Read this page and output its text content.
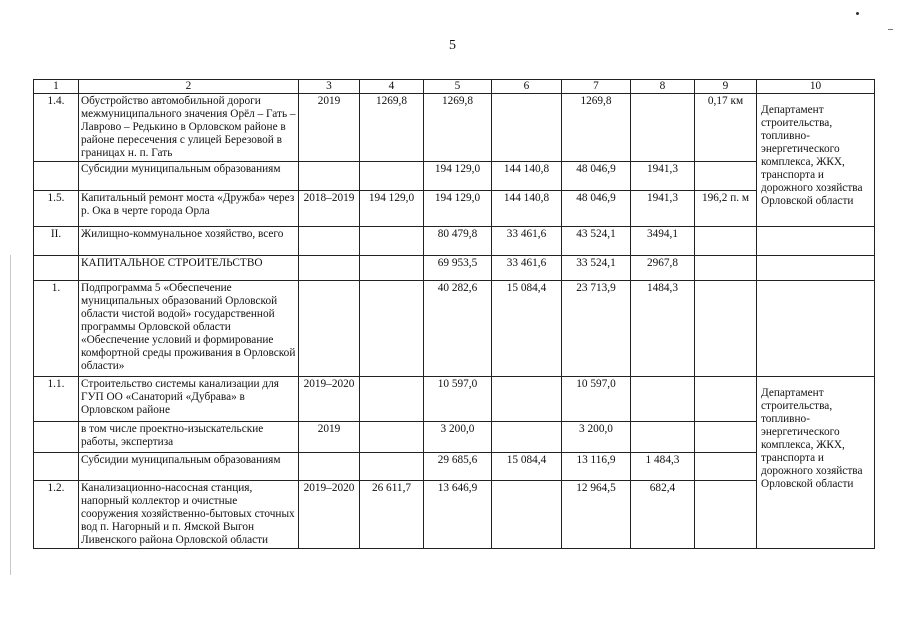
5
1	2	3	4	5	6	7	8	9	10
1.4.	Обустройство автомобильной дороги межмуниципального значения Орёл – Гать – Лаврово – Редькино в Орловском районе в районе пересечения с улицей Березовой в границах н. п. Гать	2019	1269,8	1269,8		1269,8		0,17 км	Департамент строительства, топливно-энергетического комплекса, ЖКХ, транспорта и дорожного хозяйства Орловской области
	Субсидии муниципальным образованиям			194 129,0	144 140,8	48 046,9	1941,3		
1.5.	Капитальный ремонт моста «Дружба» через р. Ока в черте города Орла	2018–2019	194 129,0	194 129,0	144 140,8	48 046,9	1941,3	196,2 п. м	
II.	Жилищно-коммунальное хозяйство, всего			80 479,8	33 461,6	43 524,1	3494,1		
	КАПИТАЛЬНОЕ СТРОИТЕЛЬСТВО			69 953,5	33 461,6	33 524,1	2967,8		
1.	Подпрограмма 5 «Обеспечение муниципальных образований Орловской области чистой водой» государственной программы Орловской области «Обеспечение условий и формирование комфортной среды проживания в Орловской области»			40 282,6	15 084,4	23 713,9	1484,3		
1.1.	Строительство системы канализации для ГУП ОО «Санаторий «Дубрава» в Орловском районе	2019–2020		10 597,0		10 597,0			Департамент строительства, топливно-энергетического комплекса, ЖКХ, транспорта и дорожного хозяйства Орловской области
	в том числе проектно-изыскательские работы, экспертиза	2019		3 200,0		3 200,0			
	Субсидии муниципальным образованиям			29 685,6	15 084,4	13 116,9	1 484,3		
1.2.	Канализационно-насосная станция, напорный коллектор и очистные сооружения хозяйственно-бытовых сточных вод п. Нагорный и п. Ямской Выгон Ливенского района Орловской области	2019–2020	26 611,7	13 646,9		12 964,5	682,4		
